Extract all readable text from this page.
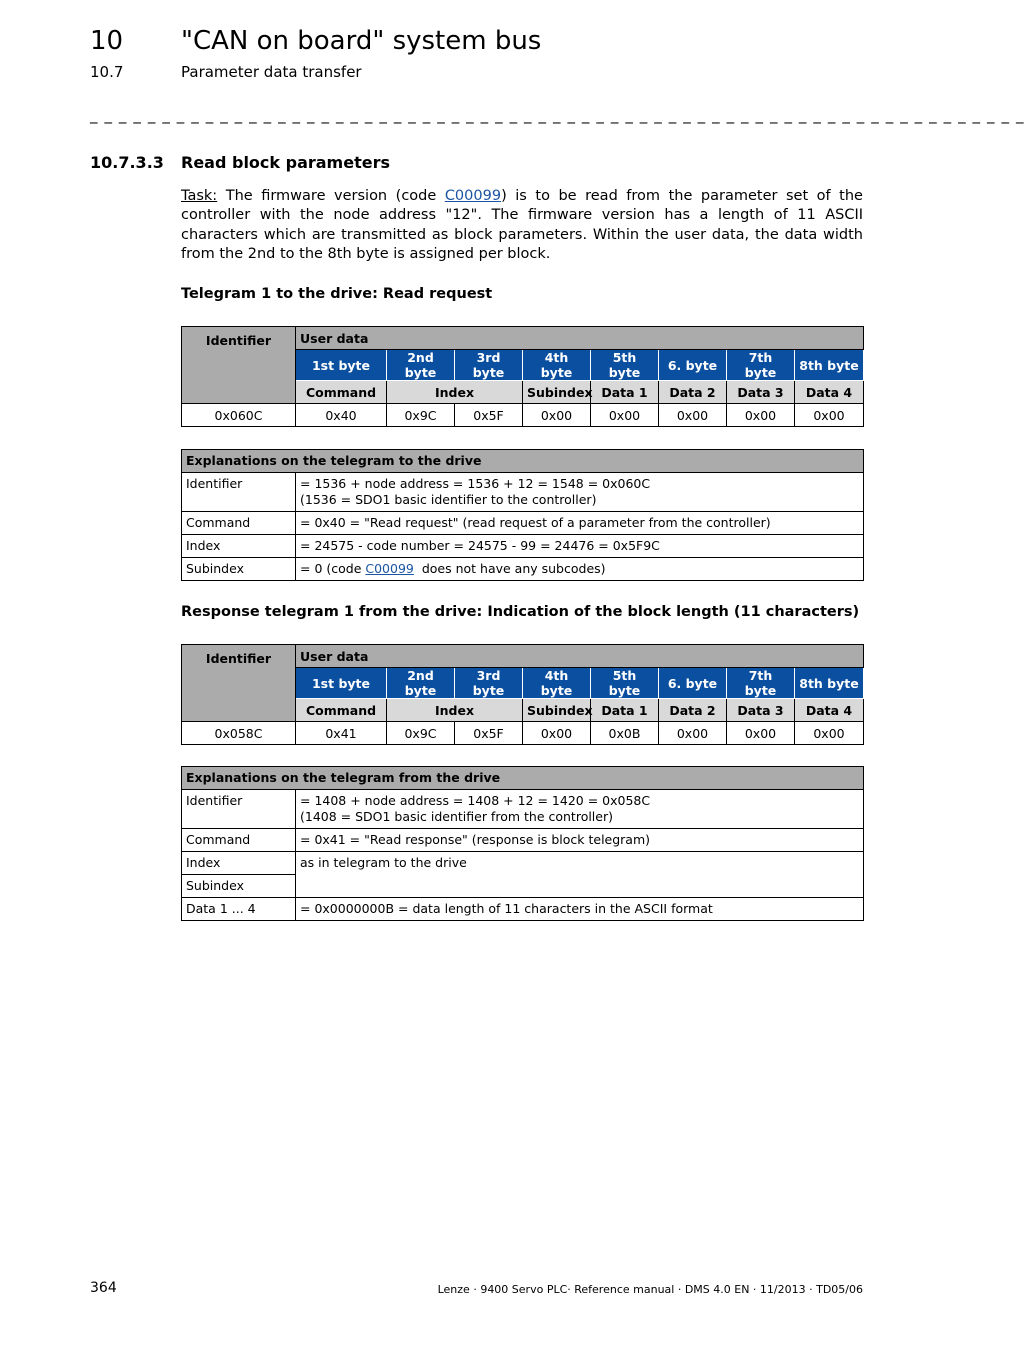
10 "CAN on board" system bus
10.7	Parameter data transfer
_ _ _ _ _ _ _ _ _ _ _ _ _ _ _ _ _ _ _ _ _ _ _ _ _ _ _ _ _ _ _ _ _ _ _ _ _ _ _ _ _ _ _ _ _ _ _ _ _ _ _ _ _ _ _ _ _ _ _ _ _ _ _ _ _
10.7.3.3 Read block parameters
Task: The firmware version (code C00099) is to be read from the parameter set of the controller with the node address "12". The firmware version has a length of 11 ASCII characters which are transmitted as block parameters. Within the user data, the data width from the 2nd to the 8th byte is assigned per block.
Telegram 1 to the drive: Read request
Identifier	User data							
	1st byte	2nd byte	3rd byte	4th byte	5th byte	6. byte	7th byte	8th byte
	Command	Index		Subindex	Data 1	Data 2	Data 3	Data 4
0x060C	0x40	0x9C	0x5F	0x00	0x00	0x00	0x00	0x00
Explanations on the telegram to the drive	
Identifier	= 1536 + node address = 1536 + 12 = 1548 = 0x060C
(1536 = SDO1 basic identifier to the controller)

Command	= 0x40 = "Read request" (read request of a parameter from the controller)
Index	= 24575 - code number = 24575 - 99 = 24476 = 0x5F9C
Subindex	= 0 (code C00099  does not have any subcodes)
Response telegram 1 from the drive: Indication of the block length (11 characters)
Identifier	User data							
	1st byte	2nd byte	3rd byte	4th byte	5th byte	6. byte	7th byte	8th byte
	Command	Index		Subindex	Data 1	Data 2	Data 3	Data 4
0x058C	0x41	0x9C	0x5F	0x00	0x0B	0x00	0x00	0x00
Explanations on the telegram from the drive	
Identifier	= 1408 + node address = 1408 + 12 = 1420 = 0x058C
(1408 = SDO1 basic identifier from the controller)

Command	= 0x41 = "Read response" (response is block telegram)
Index	as in telegram to the drive
Subindex	
Data 1 ... 4	= 0x0000000B = data length of 11 characters in the ASCII format
364	Lenze · 9400 Servo PLC· Reference manual · DMS 4.0 EN · 11/2013 · TD05/06
